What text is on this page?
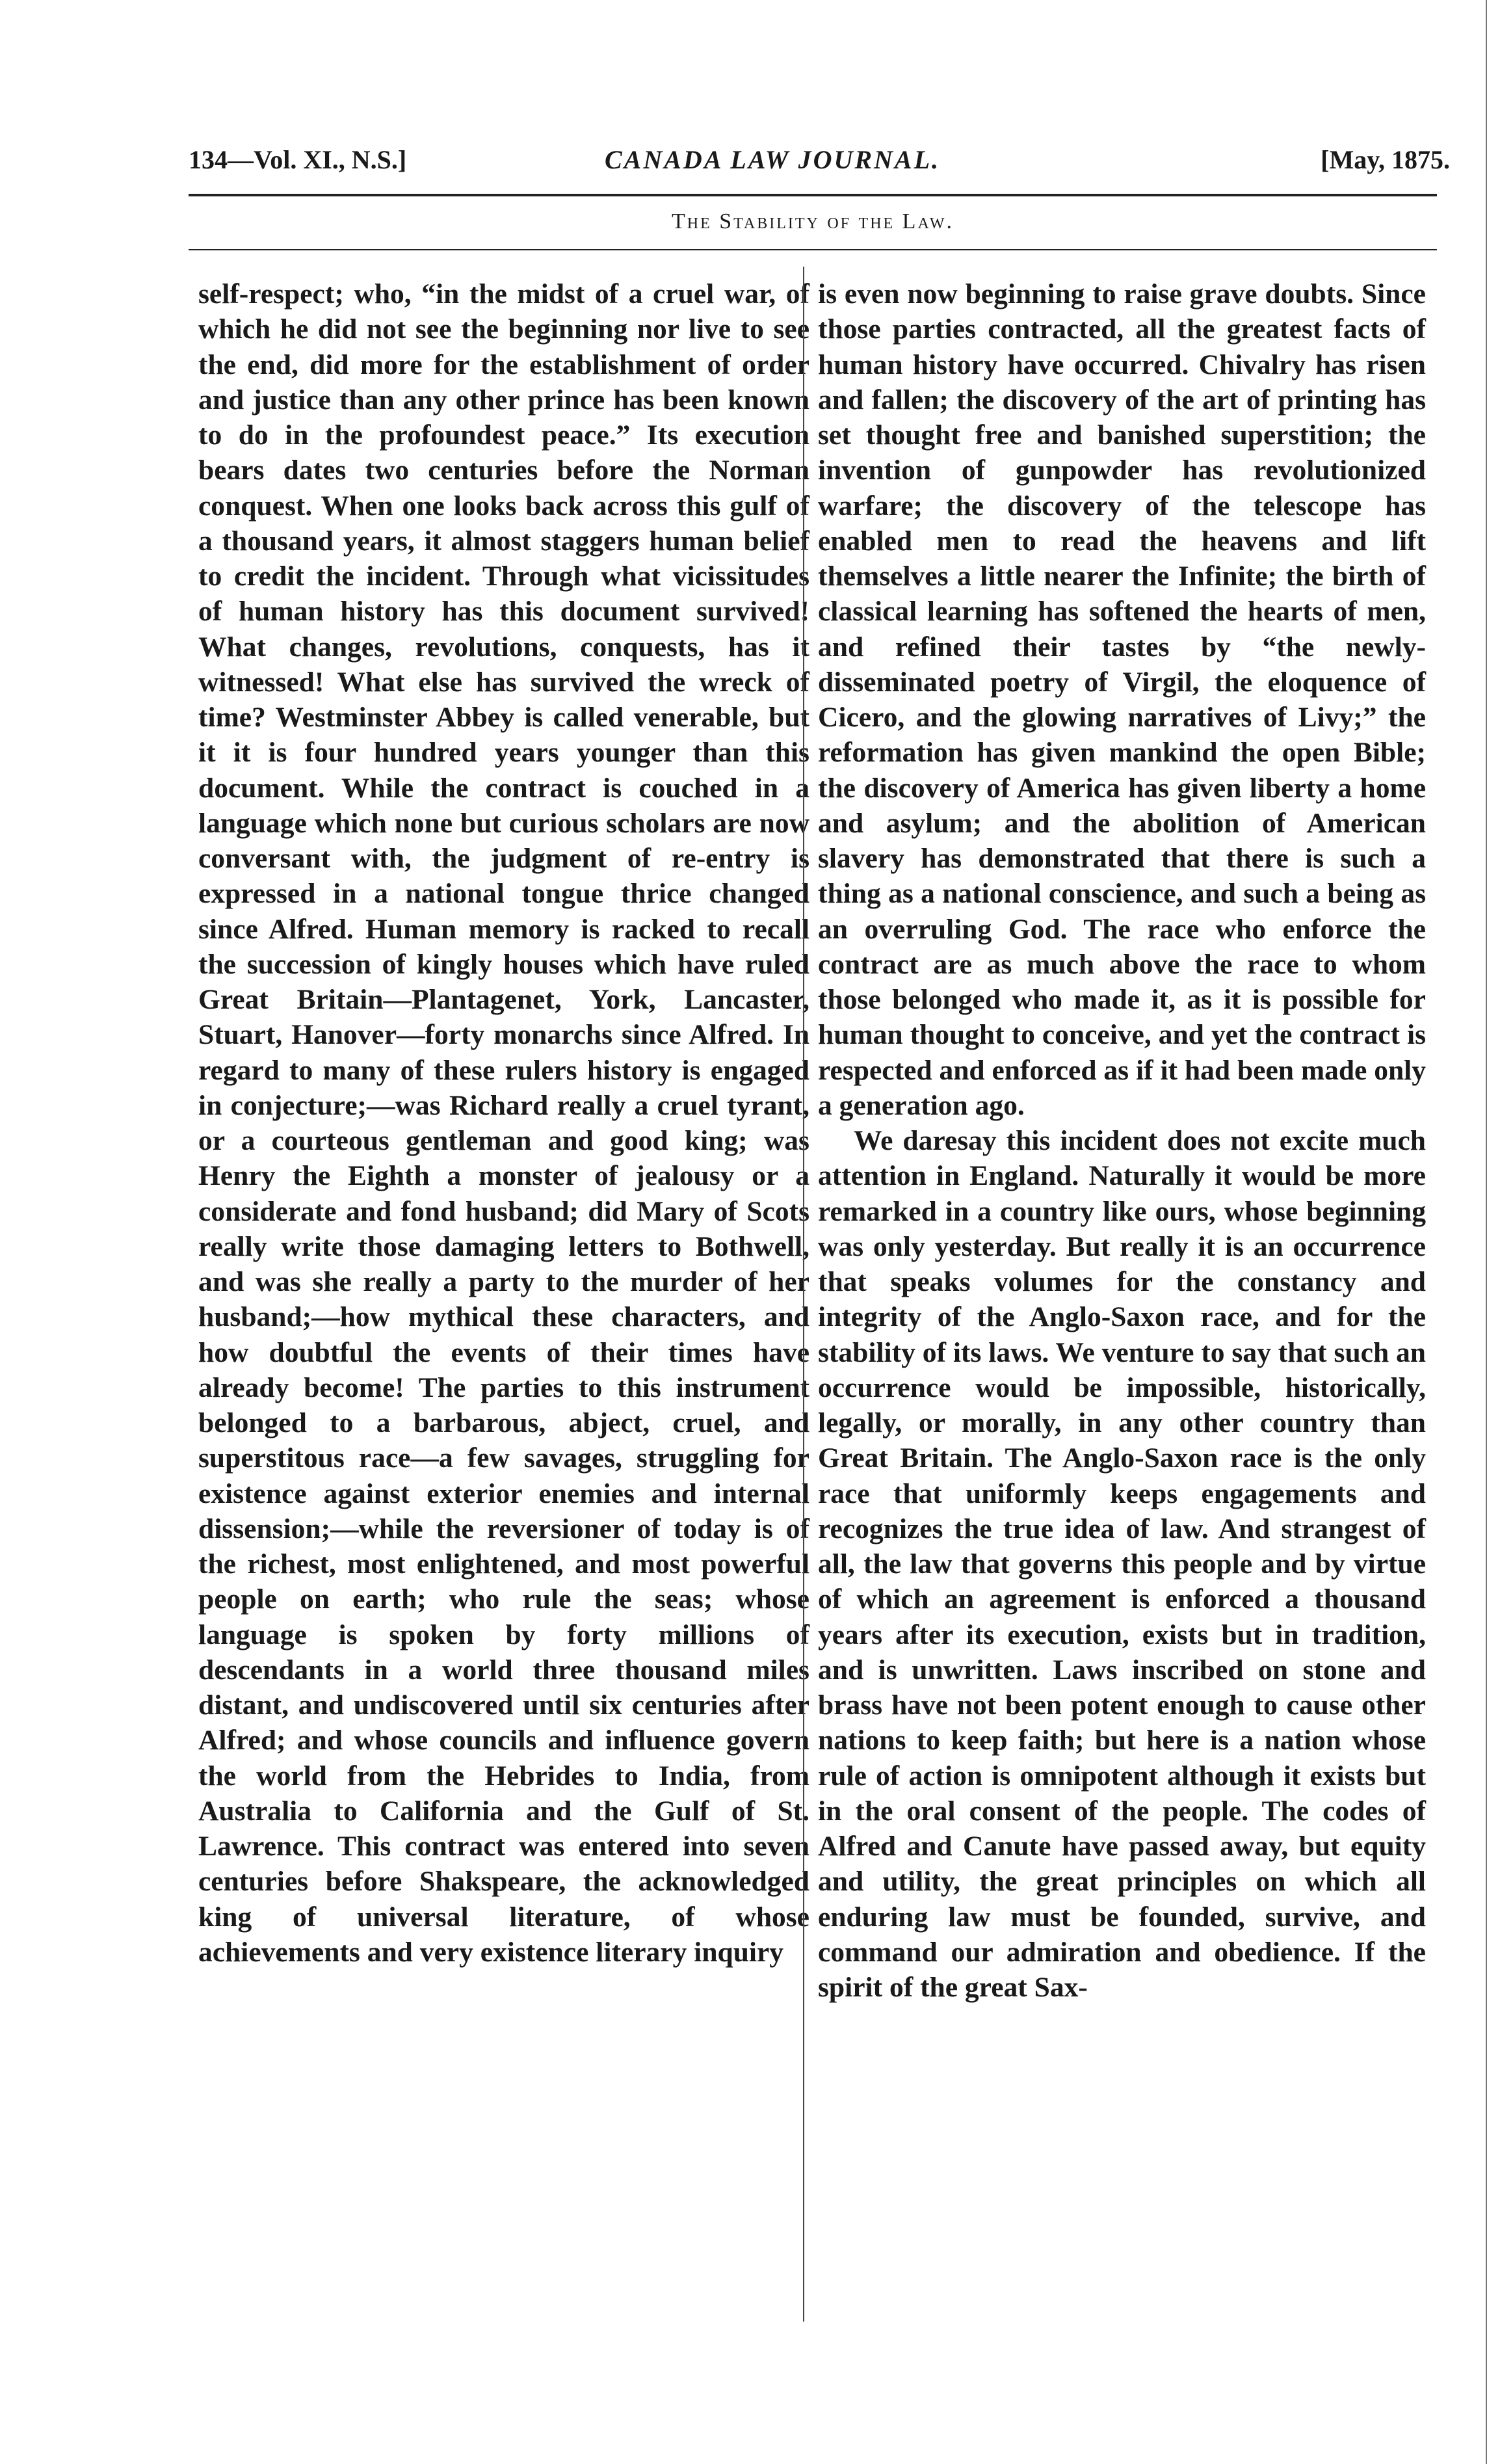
134—Vol. XI., N.S.]	CANADA LAW JOURNAL.	[May, 1875.
The Stability of the Law.

self-respect; who, “in the midst of a cruel war, of which he did not see the beginning nor live to see the end, did more for the establishment of order and justice than any other prince has been known to do in the profoundest peace.” Its execution bears dates two centuries before the Norman conquest. When one looks back across this gulf of a thousand years, it almost staggers human belief to credit the incident. Through what vicissitudes of human history has this document survived! What changes, revolutions, conquests, has it witnessed! What else has survived the wreck of time? Westminster Abbey is called venerable, but it it is four hundred years younger than this document. While the contract is couched in a language which none but curious scholars are now conversant with, the judgment of re-entry is expressed in a national tongue thrice changed since Alfred. Human memory is racked to recall the succession of kingly houses which have ruled Great Britain—Plantagenet, York, Lancaster, Stuart, Hanover—forty monarchs since Alfred. In regard to many of these rulers history is engaged in conjecture;—was Richard really a cruel tyrant, or a courteous gentleman and good king; was Henry the Eighth a monster of jealousy or a considerate and fond husband; did Mary of Scots really write those damaging letters to Bothwell, and was she really a party to the murder of her husband;—how mythical these characters, and how doubtful the events of their times have already become! The parties to this instrument belonged to a barbarous, abject, cruel, and superstitous race—a few savages, struggling for existence against exterior enemies and internal dissension;—while the reversioner of today is of the richest, most enlightened, and most powerful people on earth; who rule the seas; whose language is spoken by forty millions of descendants in a world three thousand miles distant, and undiscovered until six centuries after Alfred; and whose councils and influence govern the world from the Hebrides to India, from Australia to California and the Gulf of St. Lawrence. This contract was entered into seven centuries before Shakspeare, the acknowledged king of universal literature, of whose achievements and very existence literary inquiry

is even now beginning to raise grave doubts. Since those parties contracted, all the greatest facts of human history have occurred. Chivalry has risen and fallen; the discovery of the art of printing has set thought free and banished superstition; the invention of gunpowder has revolutionized warfare; the discovery of the telescope has enabled men to read the heavens and lift themselves a little nearer the Infinite; the birth of classical learning has softened the hearts of men, and refined their tastes by “the newly-disseminated poetry of Virgil, the eloquence of Cicero, and the glowing narratives of Livy;” the reformation has given mankind the open Bible; the discovery of America has given liberty a home and asylum; and the abolition of American slavery has demonstrated that there is such a thing as a national conscience, and such a being as an overruling God. The race who enforce the contract are as much above the race to whom those belonged who made it, as it is possible for human thought to conceive, and yet the contract is respected and enforced as if it had been made only a generation ago.

We daresay this incident does not excite much attention in England. Naturally it would be more remarked in a country like ours, whose beginning was only yesterday. But really it is an occurrence that speaks volumes for the constancy and integrity of the Anglo-Saxon race, and for the stability of its laws. We venture to say that such an occurrence would be impossible, historically, legally, or morally, in any other country than Great Britain. The Anglo-Saxon race is the only race that uniformly keeps engagements and recognizes the true idea of law. And strangest of all, the law that governs this people and by virtue of which an agreement is enforced a thousand years after its execution, exists but in tradition, and is unwritten. Laws inscribed on stone and brass have not been potent enough to cause other nations to keep faith; but here is a nation whose rule of action is omnipotent although it exists but in the oral consent of the people. The codes of Alfred and Canute have passed away, but equity and utility, the great principles on which all enduring law must be founded, survive, and command our admiration and obedience. If the spirit of the great Sax-
